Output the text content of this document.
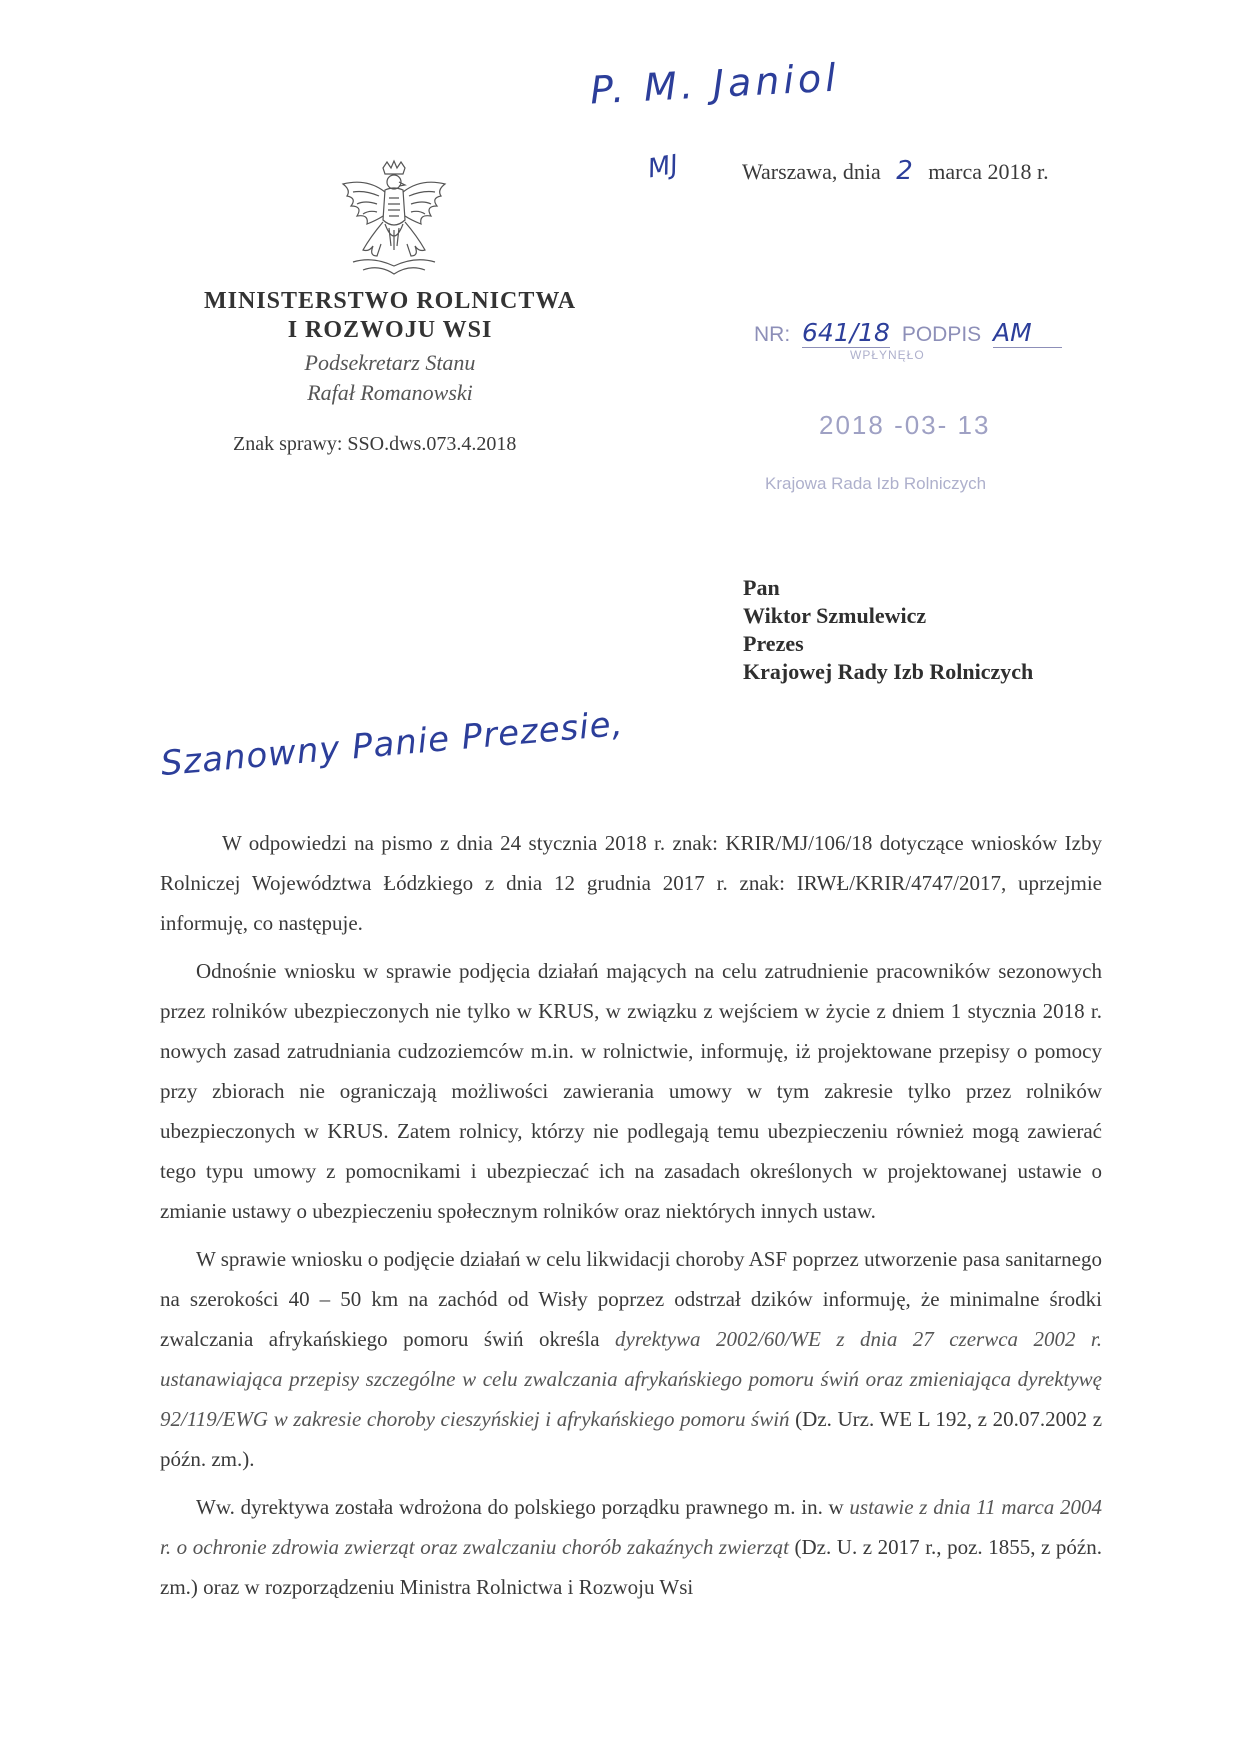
P. M. Janiol
MJ	Warszawa, dnia 2 marca 2018 r.
MINISTERSTWO ROLNICTWA
I ROZWOJU WSI
Podsekretarz Stanu
Rafał Romanowski
Znak sprawy: SSO.dws.073.4.2018
NR: 641/18 PODPIS AM
WPŁYNĘŁO
2018 -03- 13
Krajowa Rada Izb Rolniczych
Pan
Wiktor Szmulewicz
Prezes
Krajowej Rady Izb Rolniczych
Szanowny Panie Prezesie,

W odpowiedzi na pismo z dnia 24 stycznia 2018 r. znak: KRIR/MJ/106/18 dotyczące wniosków Izby Rolniczej Województwa Łódzkiego z dnia 12 grudnia 2017 r. znak: IRWŁ/KRIR/4747/2017, uprzejmie informuję, co następuje.

Odnośnie wniosku w sprawie podjęcia działań mających na celu zatrudnienie pracowników sezonowych przez rolników ubezpieczonych nie tylko w KRUS, w związku z wejściem w życie z dniem 1 stycznia 2018 r. nowych zasad zatrudniania cudzoziemców m.in. w rolnictwie, informuję, iż projektowane przepisy o pomocy przy zbiorach nie ograniczają możliwości zawierania umowy w tym zakresie tylko przez rolników ubezpieczonych w KRUS. Zatem rolnicy, którzy nie podlegają temu ubezpieczeniu również mogą zawierać tego typu umowy z pomocnikami i ubezpieczać ich na zasadach określonych w projektowanej ustawie o zmianie ustawy o ubezpieczeniu społecznym rolników oraz niektórych innych ustaw.

W sprawie wniosku o podjęcie działań w celu likwidacji choroby ASF poprzez utworzenie pasa sanitarnego na szerokości 40 – 50 km na zachód od Wisły poprzez odstrzał dzików informuję, że minimalne środki zwalczania afrykańskiego pomoru świń określa dyrektywa 2002/60/WE z dnia 27 czerwca 2002 r. ustanawiająca przepisy szczególne w celu zwalczania afrykańskiego pomoru świń oraz zmieniająca dyrektywę 92/119/EWG w zakresie choroby cieszyńskiej i afrykańskiego pomoru świń (Dz. Urz. WE L 192, z 20.07.2002 z późn. zm.).

Ww. dyrektywa została wdrożona do polskiego porządku prawnego m. in. w ustawie z dnia 11 marca 2004 r. o ochronie zdrowia zwierząt oraz zwalczaniu chorób zakaźnych zwierząt (Dz. U. z 2017 r., poz. 1855, z późn. zm.) oraz w rozporządzeniu Ministra Rolnictwa i Rozwoju Wsi
